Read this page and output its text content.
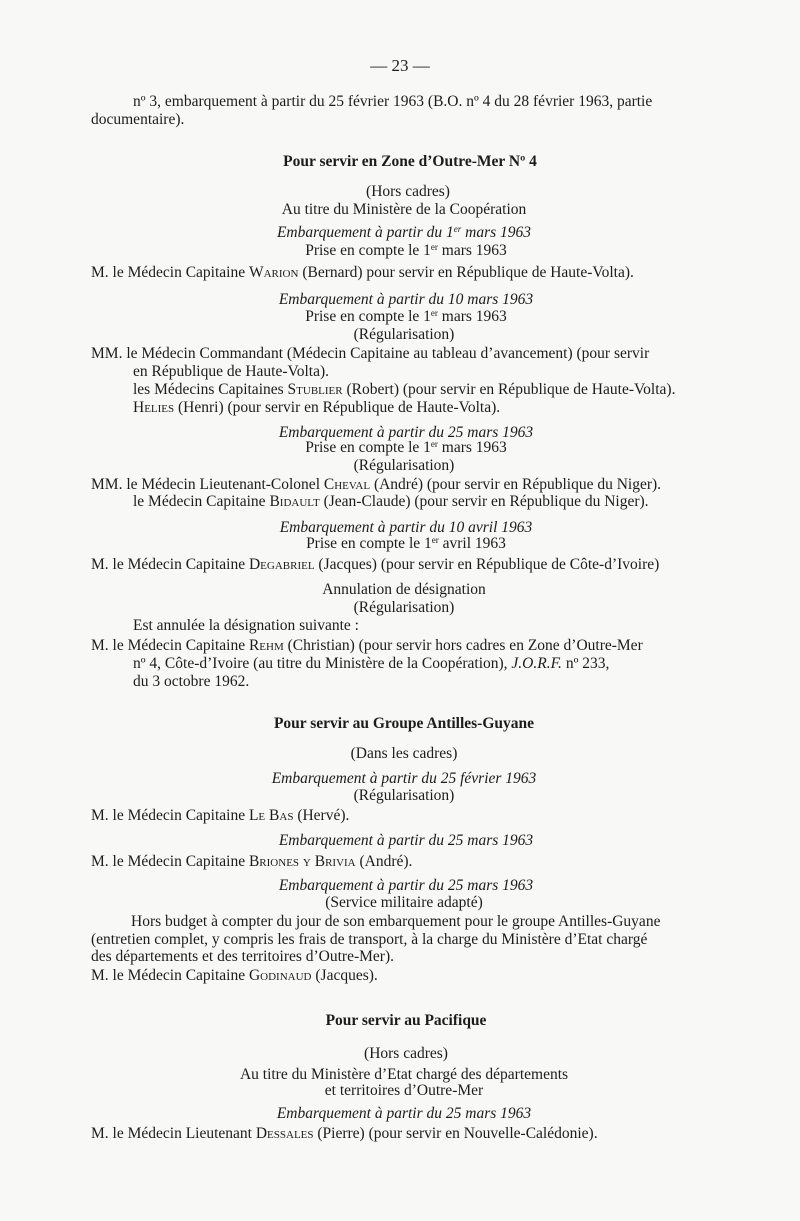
— 23 —
nº 3, embarquement à partir du 25 février 1963 (B.O. nº 4 du 28 février 1963, partie
documentaire).
Pour servir en Zone d’Outre-Mer Nº 4
(Hors cadres)
Au titre du Ministère de la Coopération
Embarquement à partir du 1er mars 1963
Prise en compte le 1er mars 1963
M. le Médecin Capitaine Warion (Bernard) pour servir en République de Haute-Volta).
Embarquement à partir du 10 mars 1963
Prise en compte le 1er mars 1963
(Régularisation)
MM. le Médecin Commandant (Médecin Capitaine au tableau d’avancement) (pour servir
en République de Haute-Volta).
les Médecins Capitaines Stublier (Robert) (pour servir en République de Haute-Volta).
Helies (Henri) (pour servir en République de Haute-Volta).
Embarquement à partir du 25 mars 1963
Prise en compte le 1er mars 1963
(Régularisation)
MM. le Médecin Lieutenant-Colonel Cheval (André) (pour servir en République du Niger).
le Médecin Capitaine Bidault (Jean-Claude) (pour servir en République du Niger).
Embarquement à partir du 10 avril 1963
Prise en compte le 1er avril 1963
M. le Médecin Capitaine Degabriel (Jacques) (pour servir en République de Côte-d’Ivoire)
Annulation de désignation
(Régularisation)
Est annulée la désignation suivante :
M. le Médecin Capitaine Rehm (Christian) (pour servir hors cadres en Zone d’Outre-Mer
nº 4, Côte-d’Ivoire (au titre du Ministère de la Coopération), J.O.R.F. nº 233,
du 3 octobre 1962.
Pour servir au Groupe Antilles-Guyane
(Dans les cadres)
Embarquement à partir du 25 février 1963
(Régularisation)
M. le Médecin Capitaine Le Bas (Hervé).
Embarquement à partir du 25 mars 1963
M. le Médecin Capitaine Briones y Brivia (André).
Embarquement à partir du 25 mars 1963
(Service militaire adapté)
Hors budget à compter du jour de son embarquement pour le groupe Antilles-Guyane
(entretien complet, y compris les frais de transport, à la charge du Ministère d’Etat chargé
des départements et des territoires d’Outre-Mer).
M. le Médecin Capitaine Godinaud (Jacques).
Pour servir au Pacifique
(Hors cadres)
Au titre du Ministère d’Etat chargé des départements
et territoires d’Outre-Mer
Embarquement à partir du 25 mars 1963
M. le Médecin Lieutenant Dessales (Pierre) (pour servir en Nouvelle-Calédonie).
